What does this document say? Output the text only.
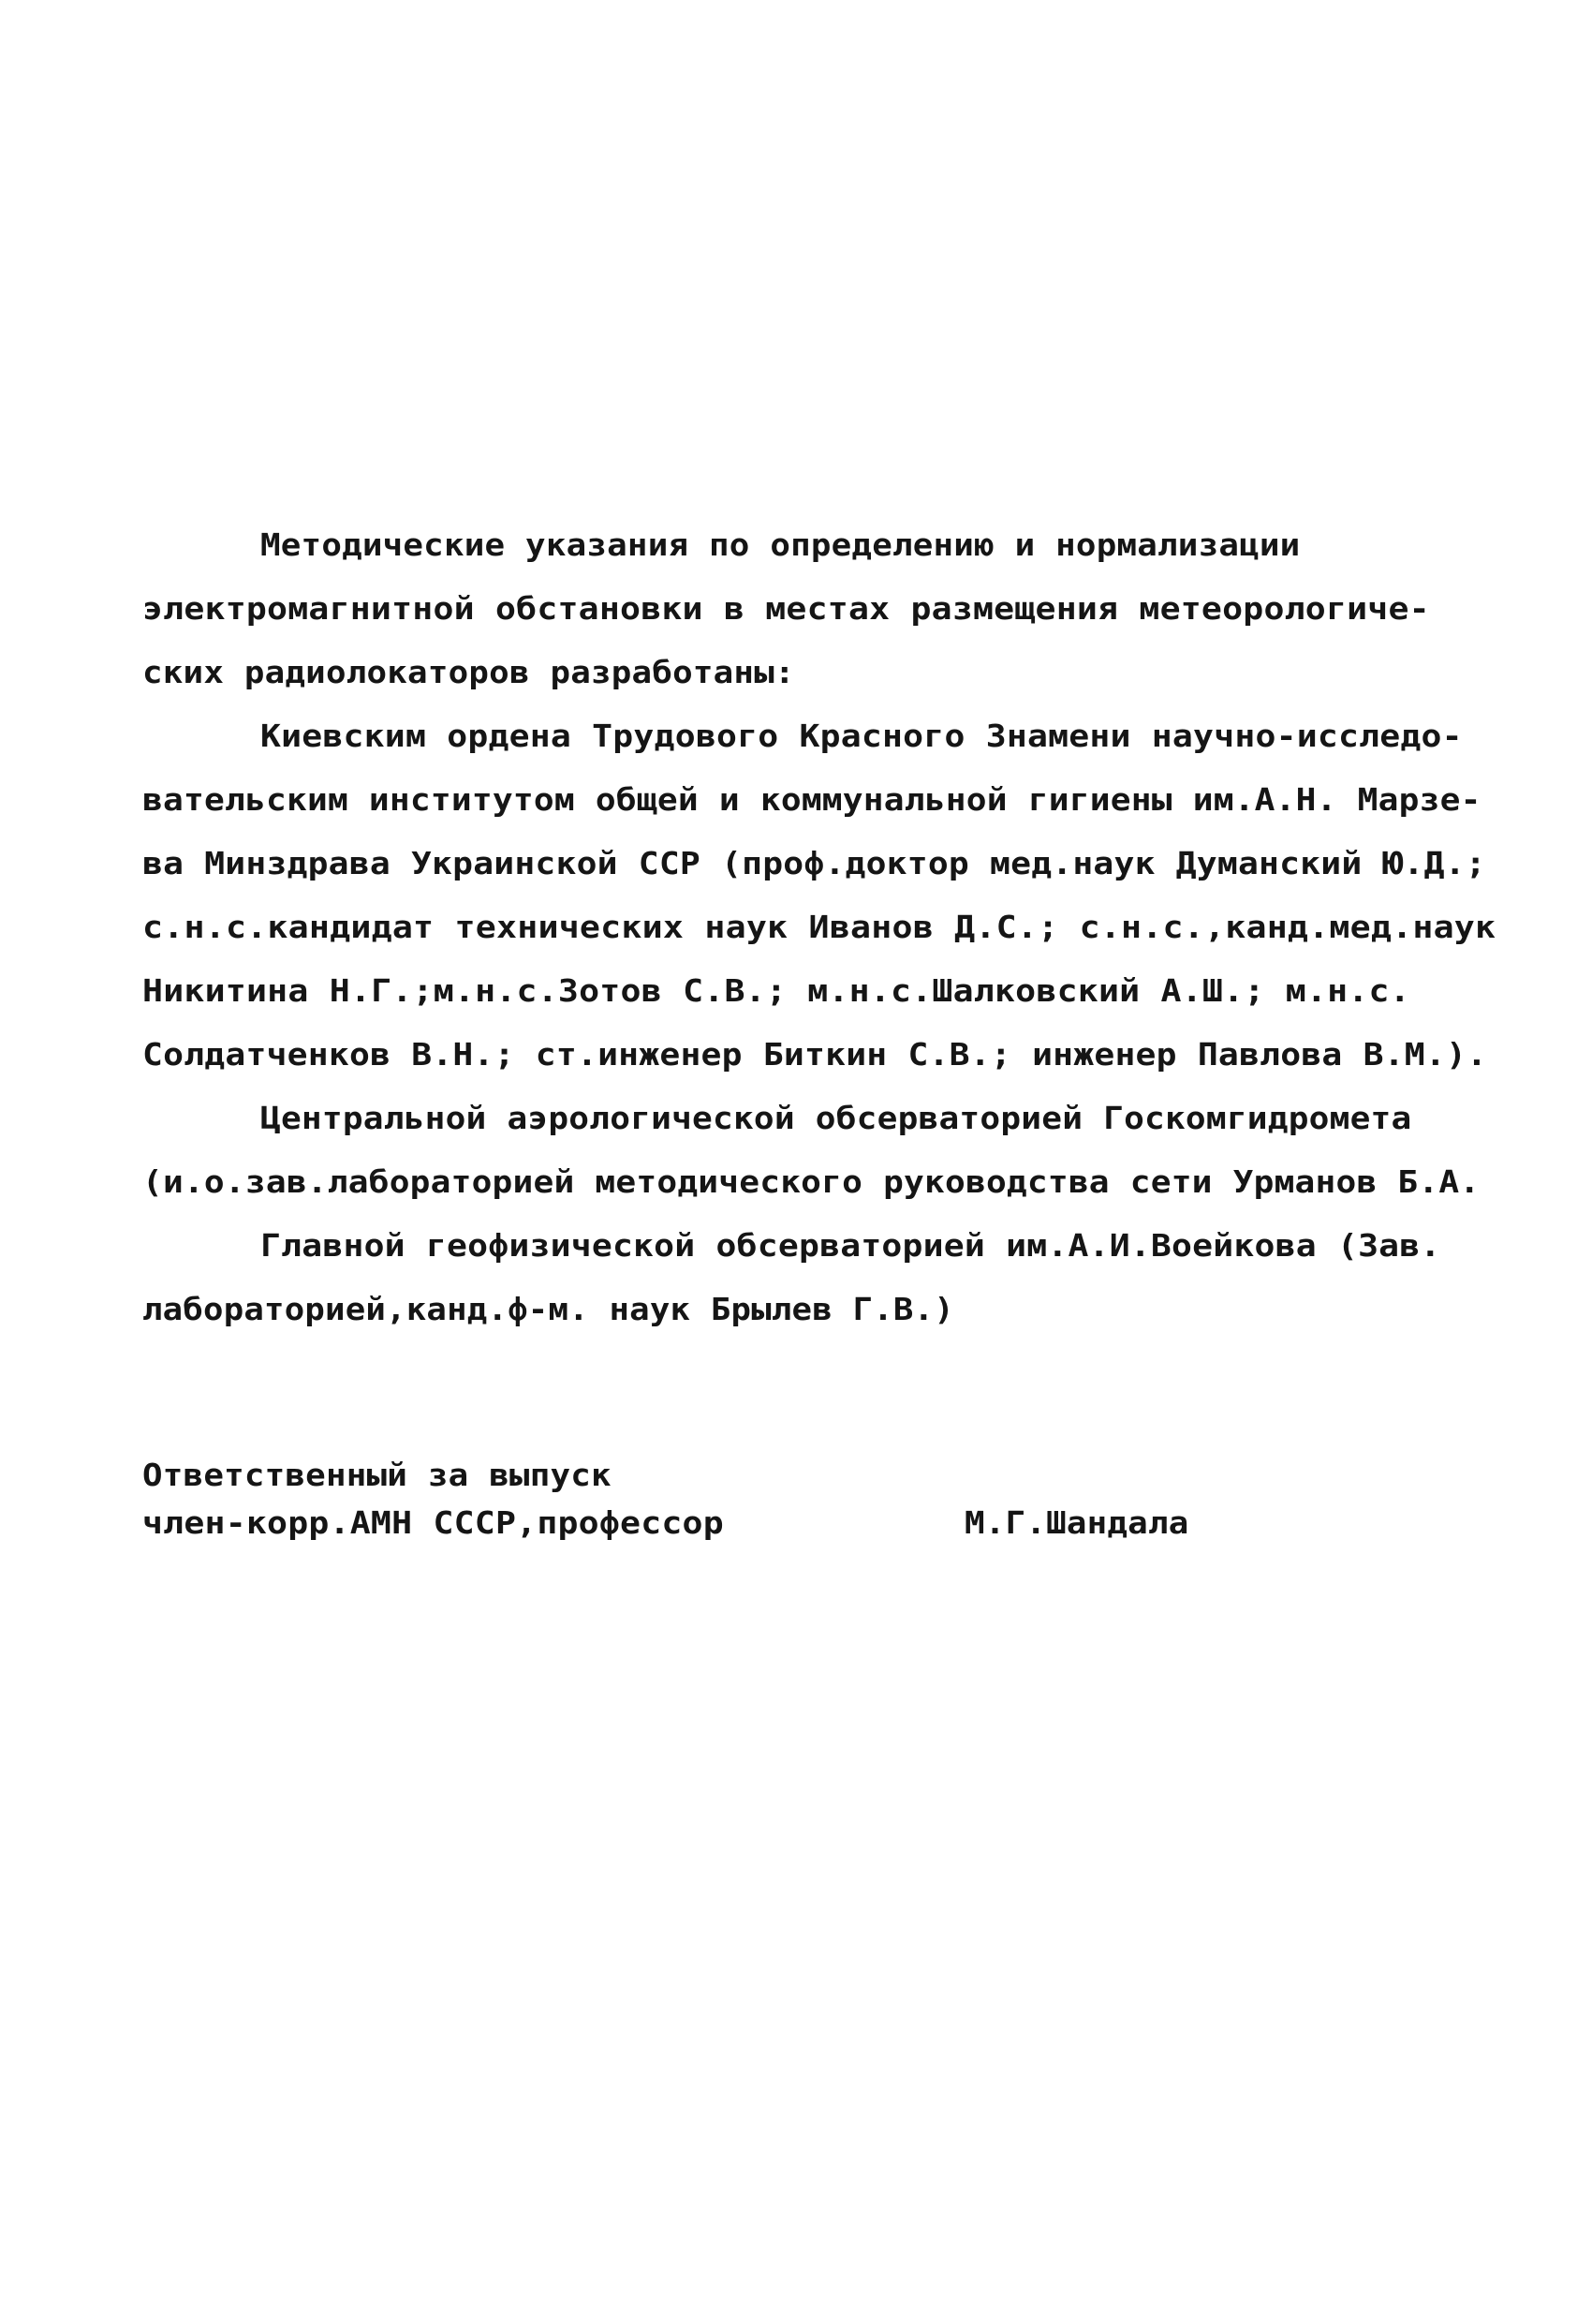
Методические указания по определению и нормализации
электромагнитной обстановки в местах размещения метеорологиче-
ских радиолокаторов разработаны:
Киевским ордена Трудового Красного Знамени научно-исследо-
вательским институтом общей и коммунальной гигиены им.А.Н. Марзе-
ва Минздрава Украинской ССР (проф.доктор мед.наук Думанский Ю.Д.;
с.н.с.кандидат технических наук Иванов Д.С.; с.н.с.,канд.мед.наук
Никитина Н.Г.;м.н.с.Зотов С.В.; м.н.с.Шалковский А.Ш.; м.н.с.
Солдатченков В.Н.; ст.инженер Биткин С.В.; инженер Павлова В.М.).
Центральной аэрологической обсерваторией Госкомгидромета
(и.о.зав.лабораторией методического руководства сети Урманов Б.А.
Главной геофизической обсерваторией им.А.И.Воейкова (Зав.
лабораторией,канд.ф-м. наук Брылев Г.В.)
Ответственный за выпуск
член-корр.АМН СССР,профессор	М.Г.Шандала
